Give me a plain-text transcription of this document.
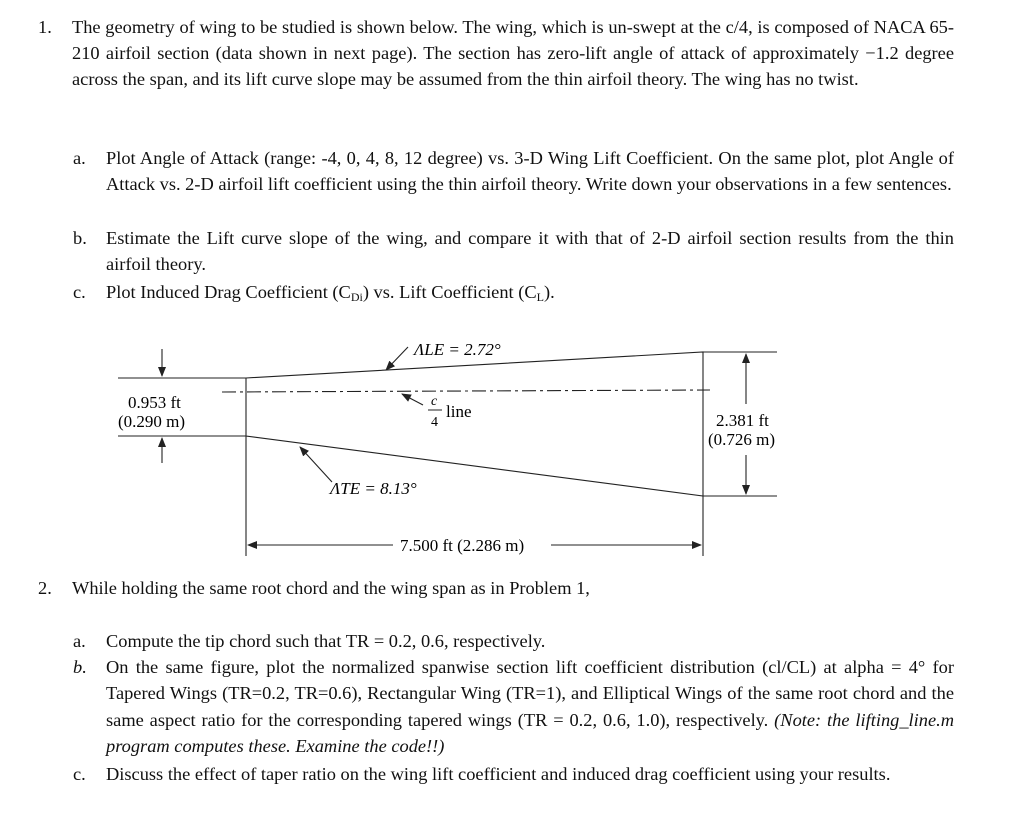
1. The geometry of wing to be studied is shown below. The wing, which is un-swept at the c/4, is composed of NACA 65-210 airfoil section (data shown in next page). The section has zero-lift angle of attack of approximately −1.2 degree across the span, and its lift curve slope may be assumed from the thin airfoil theory. The wing has no twist.
a. Plot Angle of Attack (range: -4, 0, 4, 8, 12 degree) vs. 3-D Wing Lift Coefficient. On the same plot, plot Angle of Attack vs. 2-D airfoil lift coefficient using the thin airfoil theory. Write down your observations in a few sentences.
b. Estimate the Lift curve slope of the wing, and compare it with that of 2-D airfoil section results from the thin airfoil theory.
c. Plot Induced Drag Coefficient $(C_{Di})$ vs. Lift Coefficient $(C_L)$.
ΛLE = 2.72°
ΛTE = 8.13°
c
4
line
0.953 ft
(0.290 m)	2.381 ft
(0.726 m)
7.500 ft (2.286 m)
2. While holding the same root chord and the wing span as in Problem 1,
a. Compute the tip chord such that TR = 0.2, 0.6, respectively.
b. On the same figure, plot the normalized spanwise section lift coefficient distribution (cl/CL) at alpha = 4° for Tapered Wings (TR=0.2, TR=0.6), Rectangular Wing (TR=1), and Elliptical Wings of the same root chord and the same aspect ratio for the corresponding tapered wings (TR = 0.2, 0.6, 1.0), respectively. (Note: the lifting_line.m program computes these. Examine the code!!)
c. Discuss the effect of taper ratio on the wing lift coefficient and induced drag coefficient using your results.
